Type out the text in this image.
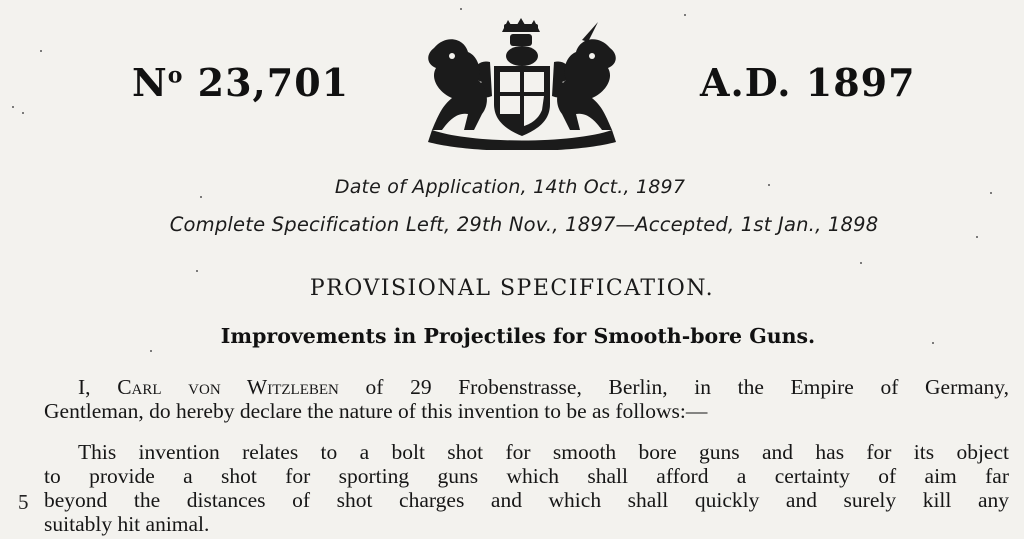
$N^o$ 23,701	A.D. 1897
Date of Application, 14th Oct., 1897
Complete Specification Left, 29th Nov., 1897—Accepted, 1st Jan., 1898
PROVISIONAL SPECIFICATION.
Improvements in Projectiles for Smooth-bore Guns.
I, Carl von Witzleben of 29 Frobenstrasse, Berlin, in the Empire of Germany,
Gentleman, do hereby declare the nature of this invention to be as follows:—
This invention relates to a bolt shot for smooth bore guns and has for its object
to provide a shot for sporting guns which shall afford a certainty of aim far
beyond the distances of shot charges and which shall quickly and surely kill any
suitably hit animal.
5
